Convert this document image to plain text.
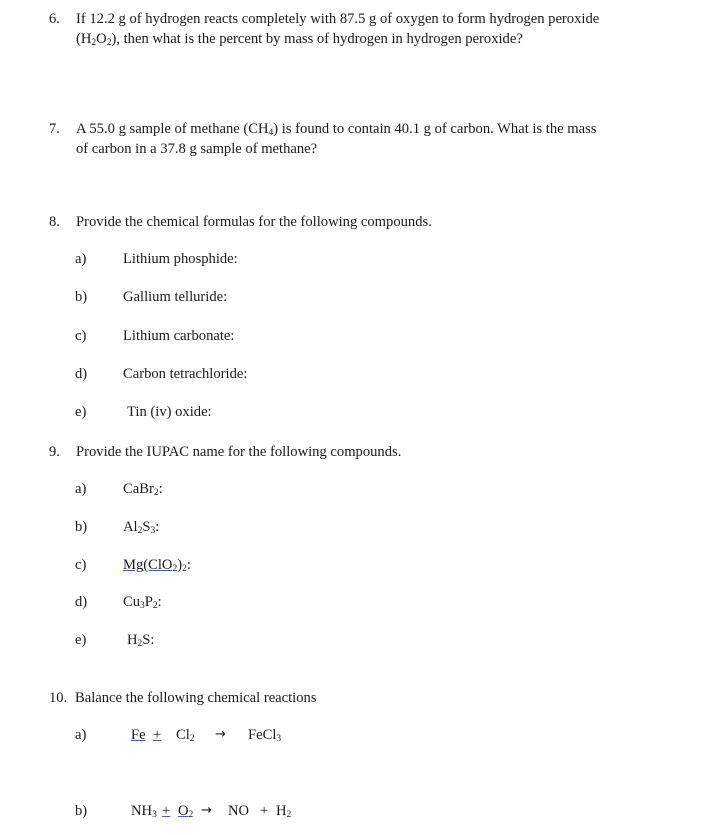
6. If 12.2 g of hydrogen reacts completely with 87.5 g of oxygen to form hydrogen peroxide
$(H_2O_2)$, then what is the percent by mass of hydrogen in hydrogen peroxide?
7. A 55.0 g sample of methane $(CH_4)$ is found to contain 40.1 g of carbon. What is the mass
of carbon in a 37.8 g sample of methane?
8. Provide the chemical formulas for the following compounds.
a)	Lithium phosphide:
b) Gallium telluride:
c)	Lithium carbonate:
d) Carbon tetrachloride:
e)	Tin (iv) oxide:
9. Provide the IUPAC name for the following compounds.
a)	CaBr$_2$:
b) $Al_2S_3$:
c)	$Mg(ClO_2)_2$:
d) $Cu_3P_2$:
e)	$H_2S$:
10. Balance the following chemical reactions
a)	$Fe + Cl_2$ → FeCl$_3$
b)	$NH_3 + O_2$ → NO + $H_2$
